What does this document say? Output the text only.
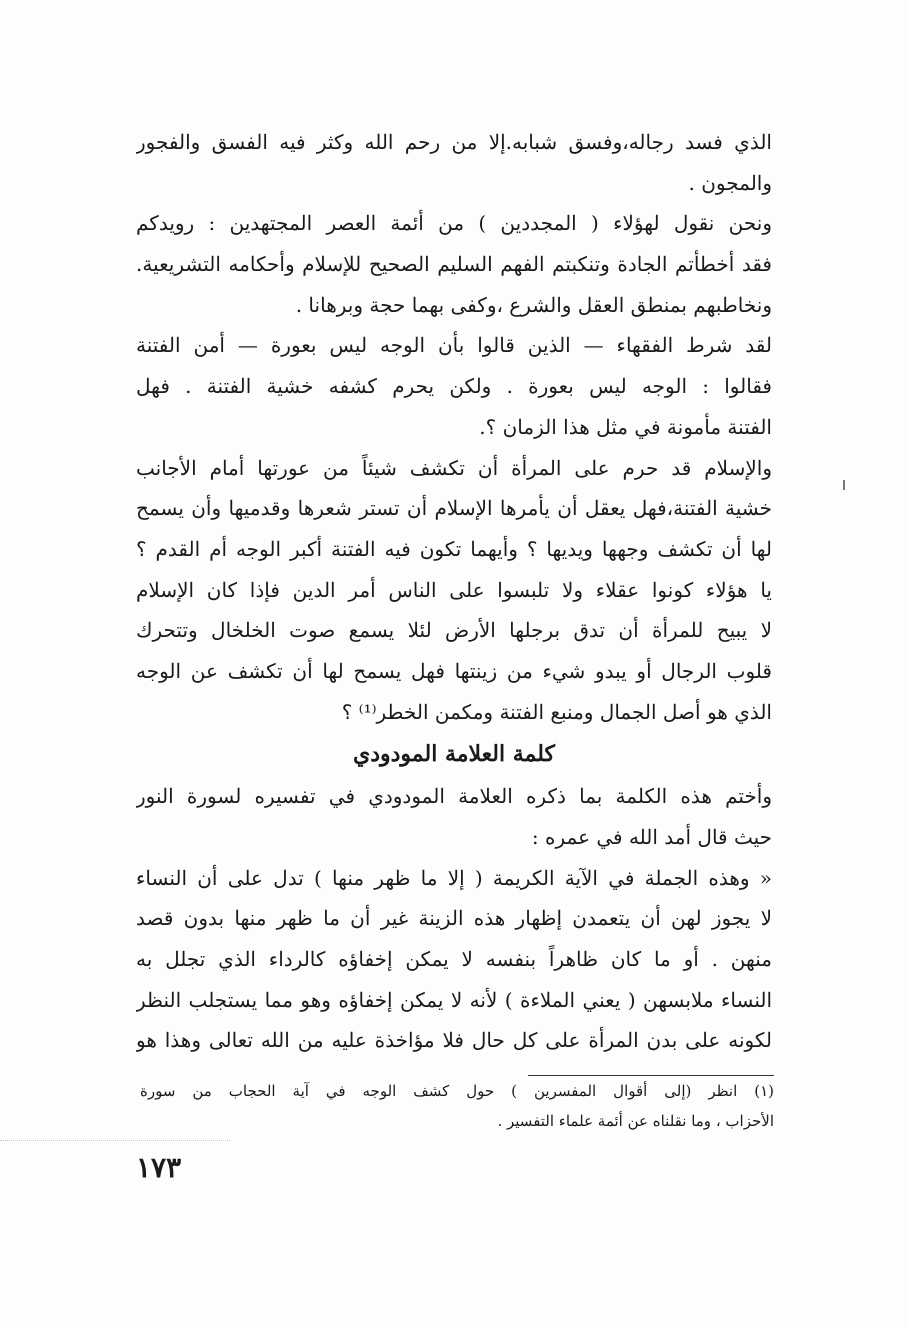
الذي فسد رجاله،وفسق شبابه.إلا من رحم الله وكثر فيه الفسق والفجور
والمجون .
ونحن نقول لهؤلاء ( المجددين ) من أئمة العصر المجتهدين : رويدكم
فقد أخطأتم الجادة وتنكبتم الفهم السليم الصحيح للإسلام وأحكامه التشريعية.
ونخاطبهم بمنطق العقل والشرع ،وكفى بهما حجة وبرهانا .
لقد شرط الفقهاء — الذين قالوا بأن الوجه ليس بعورة — أمن الفتنة
فقالوا : الوجه ليس بعورة . ولكن يحرم كشفه خشية الفتنة . فهل
الفتنة مأمونة في مثل هذا الزمان ؟.
والإسلام قد حرم على المرأة أن تكشف شيئاً من عورتها أمام الأجانب
خشية الفتنة،فهل يعقل أن يأمرها الإسلام أن تستر شعرها وقدميها وأن يسمح
لها أن تكشف وجهها ويديها ؟ وأيهما تكون فيه الفتنة أكبر الوجه أم القدم ؟
يا هؤلاء كونوا عقلاء ولا تلبسوا على الناس أمر الدين فإذا كان الإسلام
لا يبيح للمرأة أن تدق برجلها الأرض لئلا يسمع صوت الخلخال وتتحرك
قلوب الرجال أو يبدو شيء من زينتها فهل يسمح لها أن تكشف عن الوجه
الذي هو أصل الجمال ومنبع الفتنة ومكمن الخطر⁽¹⁾ ؟
كلمة العلامة المودودي
وأختم هذه الكلمة بما ذكره العلامة المودودي في تفسيره لسورة النور
حيث قال أمد الله في عمره :
« وهذه الجملة في الآية الكريمة ( إلا ما ظهر منها ) تدل على أن النساء
لا يجوز لهن أن يتعمدن إظهار هذه الزينة غير أن ما ظهر منها بدون قصد
منهن . أو ما كان ظاهراً بنفسه لا يمكن إخفاؤه كالرداء الذي تجلل به
النساء ملابسهن ( يعني الملاءة ) لأنه لا يمكن إخفاؤه وهو مما يستجلب النظر
لكونه على بدن المرأة على كل حال فلا مؤاخذة عليه من الله تعالى وهذا هو
(١) انظر (إلى أقوال المفسرين ) حول كشف الوجه في آية الحجاب من سورة
الأحزاب ، وما نقلناه عن أئمة علماء التفسير .
١٧٣
